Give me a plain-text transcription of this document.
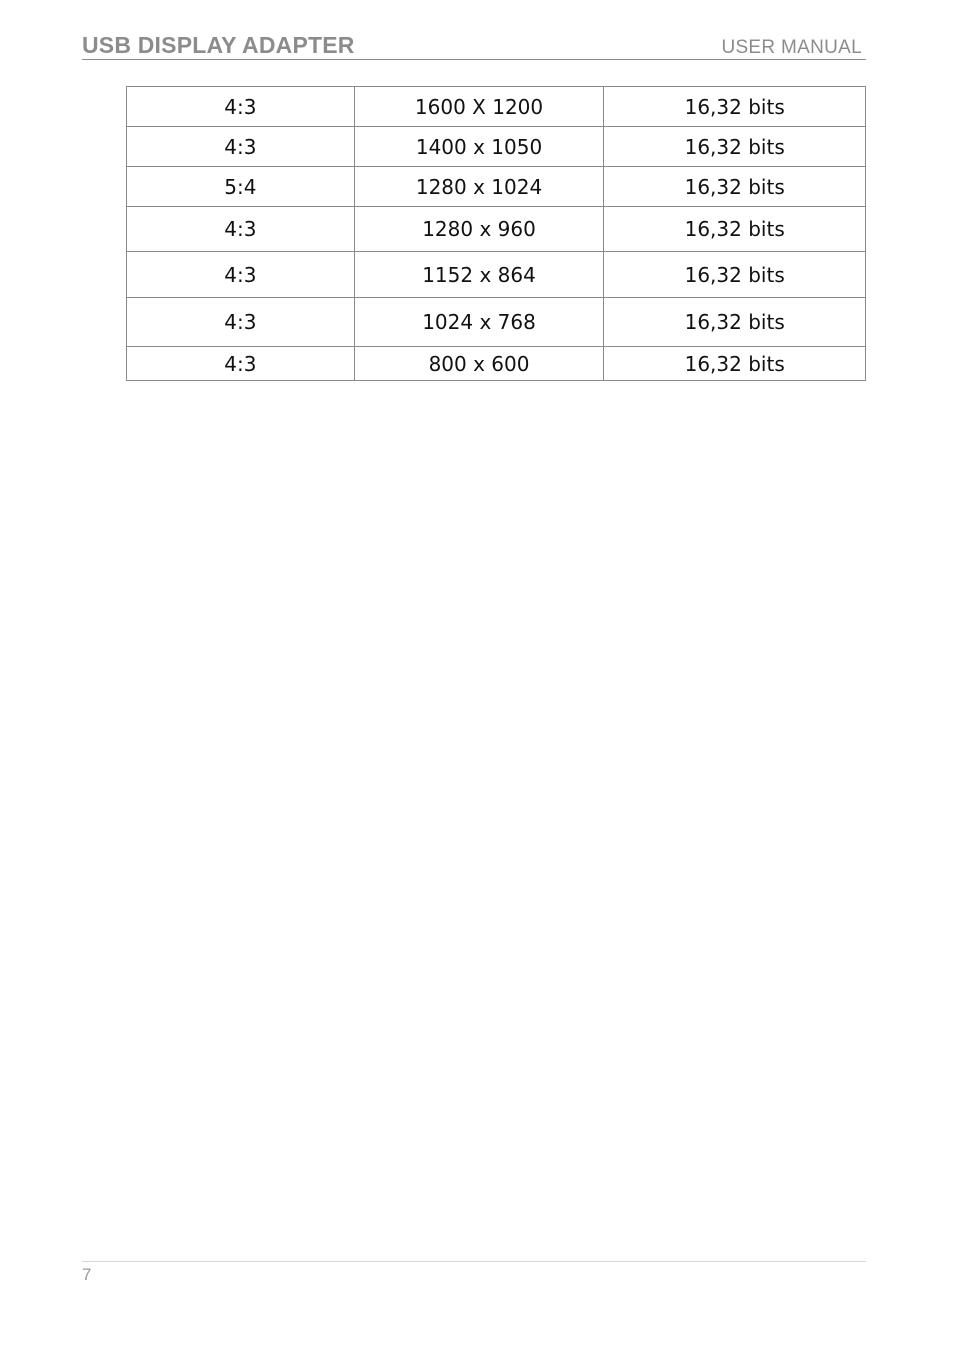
USB DISPLAY ADAPTER	USER MANUAL
4:3	1600 X 1200	16,32 bits
4:3	1400 x 1050	16,32 bits
5:4	1280 x 1024	16,32 bits
4:3	1280 x 960	16,32 bits
4:3	1152 x 864	16,32 bits
4:3	1024 x 768	16,32 bits
4:3	800 x 600	16,32 bits
7
